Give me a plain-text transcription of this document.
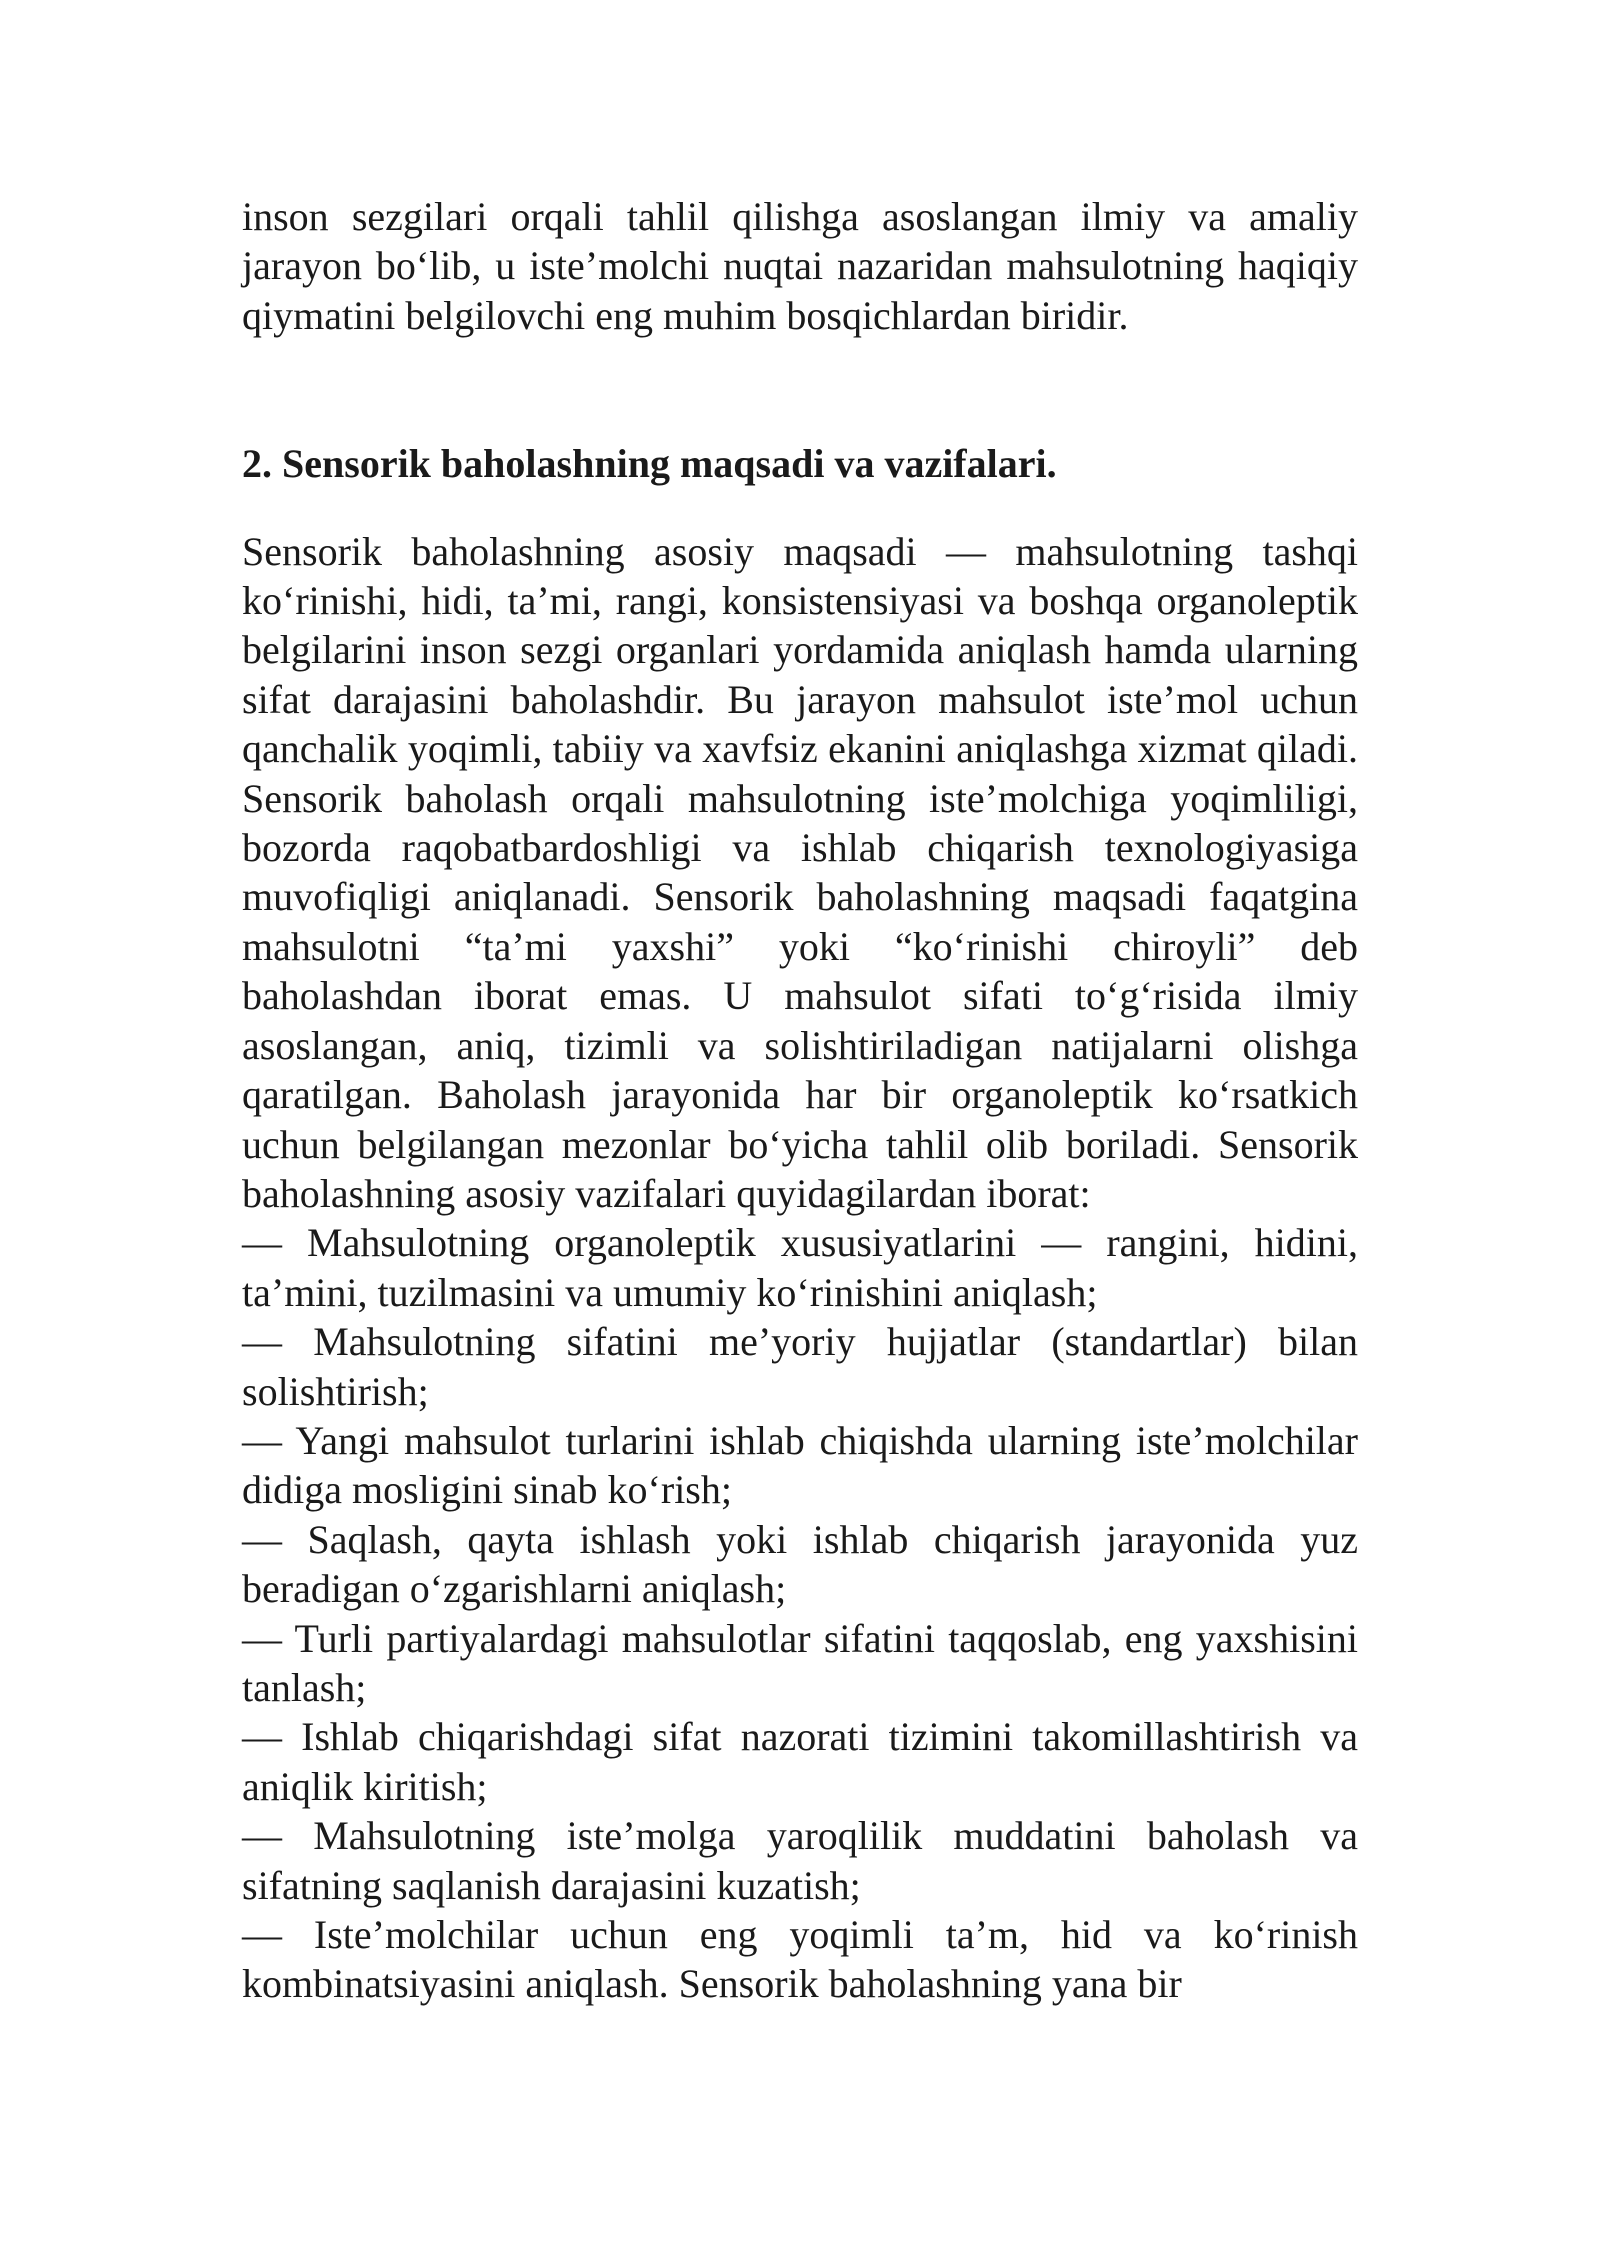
inson sezgilari orqali tahlil qilishga asoslangan ilmiy va amaliy jarayon bo‘lib, u iste’molchi nuqtai nazaridan mahsulotning haqiqiy qiymatini belgilovchi eng muhim bosqichlardan biridir.

2. Sensorik baholashning maqsadi va vazifalari.

Sensorik baholashning asosiy maqsadi — mahsulotning tashqi ko‘rinishi, hidi, ta’mi, rangi, konsistensiyasi va boshqa organoleptik belgilarini inson sezgi organlari yordamida aniqlash hamda ularning sifat darajasini baholashdir. Bu jarayon mahsulot iste’mol uchun qanchalik yoqimli, tabiiy va xavfsiz ekanini aniqlashga xizmat qiladi. Sensorik baholash orqali mahsulotning iste’molchiga yoqimliligi, bozorda raqobatbardoshligi va ishlab chiqarish texnologiyasiga muvofiqligi aniqlanadi. Sensorik baholashning maqsadi faqatgina mahsulotni “ta’mi yaxshi” yoki “ko‘rinishi chiroyli” deb baholashdan iborat emas. U mahsulot sifati to‘g‘risida ilmiy asoslangan, aniq, tizimli va solishtiriladigan natijalarni olishga qaratilgan. Baholash jarayonida har bir organoleptik ko‘rsatkich uchun belgilangan mezonlar bo‘yicha tahlil olib boriladi. Sensorik baholashning asosiy vazifalari quyidagilardan iborat:

— Mahsulotning organoleptik xususiyatlarini — rangini, hidini, ta’mini, tuzilmasini va umumiy ko‘rinishini aniqlash;

— Mahsulotning sifatini me’yoriy hujjatlar (standartlar) bilan solishtirish;

— Yangi mahsulot turlarini ishlab chiqishda ularning iste’molchilar didiga mosligini sinab ko‘rish;

— Saqlash, qayta ishlash yoki ishlab chiqarish jarayonida yuz beradigan o‘zgarishlarni aniqlash;

— Turli partiyalardagi mahsulotlar sifatini taqqoslab, eng yaxshisini tanlash;

— Ishlab chiqarishdagi sifat nazorati tizimini takomillashtirish va aniqlik kiritish;

— Mahsulotning iste’molga yaroqlilik muddatini baholash va sifatning saqlanish darajasini kuzatish;

— Iste’molchilar uchun eng yoqimli ta’m, hid va ko‘rinish kombinatsiyasini aniqlash. Sensorik baholashning yana bir
